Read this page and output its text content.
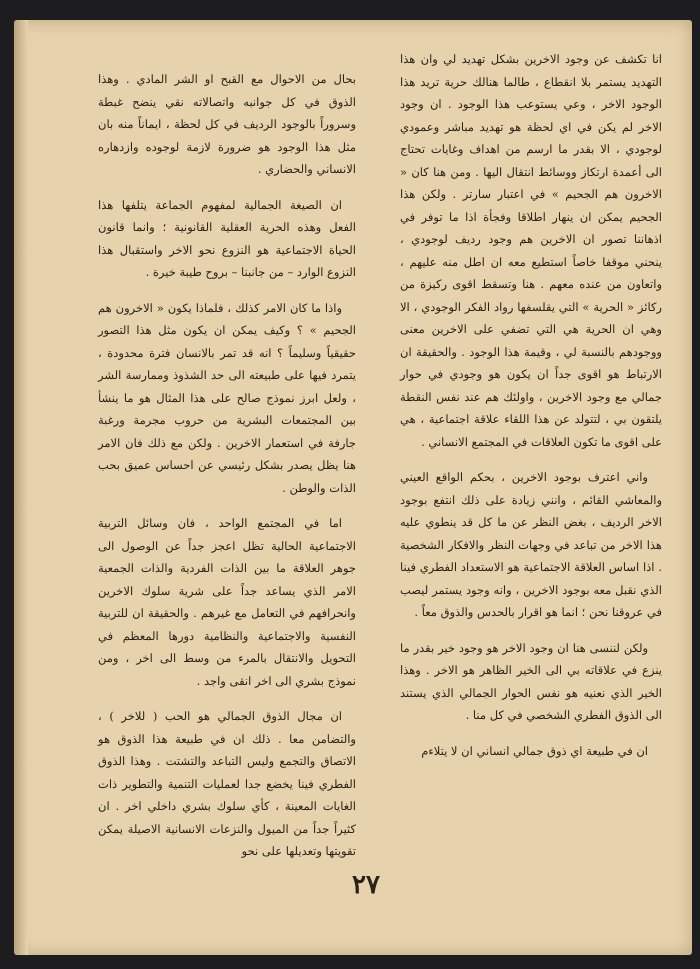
انا تكشف عن وجود الاخرين بشكل تهديد لي وان هذا التهديد يستمر بلا انقطاع ، طالما هنالك حرية تريد هذا الوجود الاخر ، وعي يستوعب هذا الوجود . ان وجود الاخر لم يكن في اي لحظة هو تهديد مباشر وعمودي لوجودي ، الا بقدر ما ارسم من اهداف وغايات تحتاج الى أعمدة ارتكاز ووسائط انتقال اليها . ومن هنا كان « الاخرون هم الجحيم » في اعتبار سارتر . ولكن هذا الجحيم يمكن ان ينهار اطلاقا وفجأة اذا ما توفر في اذهاننا تصور ان الاخرين هم وجود رديف لوجودي ، ينحني موقفا خاصاً استطيع معه ان اطل منه عليهم ، واتعاون من عنده معهم . هنا وتسقط اقوى ركيزة من ركائز « الحرية » التي يقلسفها رواد الفكر الوجودي ، الا وهي ان الحرية هي التي تضفي على الاخرين معنى ووجودهم بالنسبة لي ، وقيمة هذا الوجود . والحقيقة ان الارتباط هو اقوى جداً ان يكون هو وجودي في حوار جمالي مع وجود الاخرين ، واولئك هم عند نفس النقطة يلتقون بي ، لتتولد عن هذا اللقاء علاقة اجتماعية ، هي على اقوى ما تكون العلاقات في المجتمع الانساني .

واني اعترف بوجود الاخرين ، بحكم الواقع العيني والمعاشي القائم ، وانني زيادة على ذلك انتفع بوجود الاخر الرديف ، بغض النظر عن ما كل قد ينطوي عليه هذا الاخر من تباعد في وجهات النظر والافكار الشخصية . اذا اساس العلاقة الاجتماعية هو الاستعداد الفطري فينا الذي نقبل معه بوجود الاخرين ، وانه وجود يستمر ليصب في عروقنا نحن ؛ انما هو اقرار بالحدس والذوق معاً .

ولكن لننسى هنا ان وجود الاخر هو وجود خير بقدر ما ينزع في علاقاته بي الى الخير الظاهر هو الاخر . وهذا الخير الذي نعنيه هو نفس الحوار الجمالي الذي يستند الى الذوق الفطري الشخصي في كل منا .

ان في طبيعة اي ذوق جمالي انساني ان لا يتلاءم

بحال من الاحوال مع القبح او الشر المادي . وهذا الذوق في كل جوانبه واتصالاته نقي ينضح غبطة وسروراً بالوجود الرديف في كل لحظة ، ايماناً منه بان مثل هذا الوجود هو ضرورة لازمة لوجوده وازدهاره الانساني والحضاري .

ان الصيغة الجمالية لمفهوم الجماعة يتلفها هذا الفعل وهذه الحرية العقلية القانونية ؛ وانما قانون الحياة الاجتماعية هو النزوع نحو الاخر واستقبال هذا النزوع الوارد – من جانبنا – بروح طيبة خيرة .

واذا ما كان الامر كذلك ، فلماذا يكون « الاخرون هم الجحيم » ؟ وكيف يمكن ان يكون مثل هذا التصور حقيقياً وسليماً ؟ انه قد تمر بالانسان فترة محدودة ، يتمرد فيها على طبيعته الى حد الشذوذ وممارسة الشر ، ولعل ابرز نموذج صالح على هذا المثال هو ما ينشأ بين المجتمعات البشرية من حروب مجرمة ورغبة جارفة في استعمار الاخرين . ولكن مع ذلك فان الامر هنا يظل يصدر بشكل رئيسي عن احساس عميق بحب الذات والوطن .

اما في المجتمع الواحد ، فان وسائل التربية الاجتماعية الحالية تظل اعجز جداً عن الوصول الى جوهر العلاقة ما بين الذات الفردية والذات الجمعية الامر الذي يساعد جداً على شرية سلوك الاخرين وانحرافهم في التعامل مع غيرهم . والحقيقة ان للتربية النفسية والاجتماعية والنظامية دورها المعظم في التحويل والانتقال بالمرء من وسط الى اخر ، ومن نموذج بشري الى اخر انقى واجد .

ان مجال الذوق الجمالي هو الحب ( للاخر ) ، والتضامن معا . ذلك ان في طبيعة هذا الذوق هو الاتصاق والتجمع وليس التباعد والتشتت . وهذا الذوق الفطري فينا يخضع جدا لعمليات التنمية والتطوير ذات الغايات المعينة ، كأي سلوك بشري داخلي اخر . ان كثيراً جداً من الميول والنزعات الانسانية الاصيلة يمكن تقويتها وتعديلها على نحو

٢٧
